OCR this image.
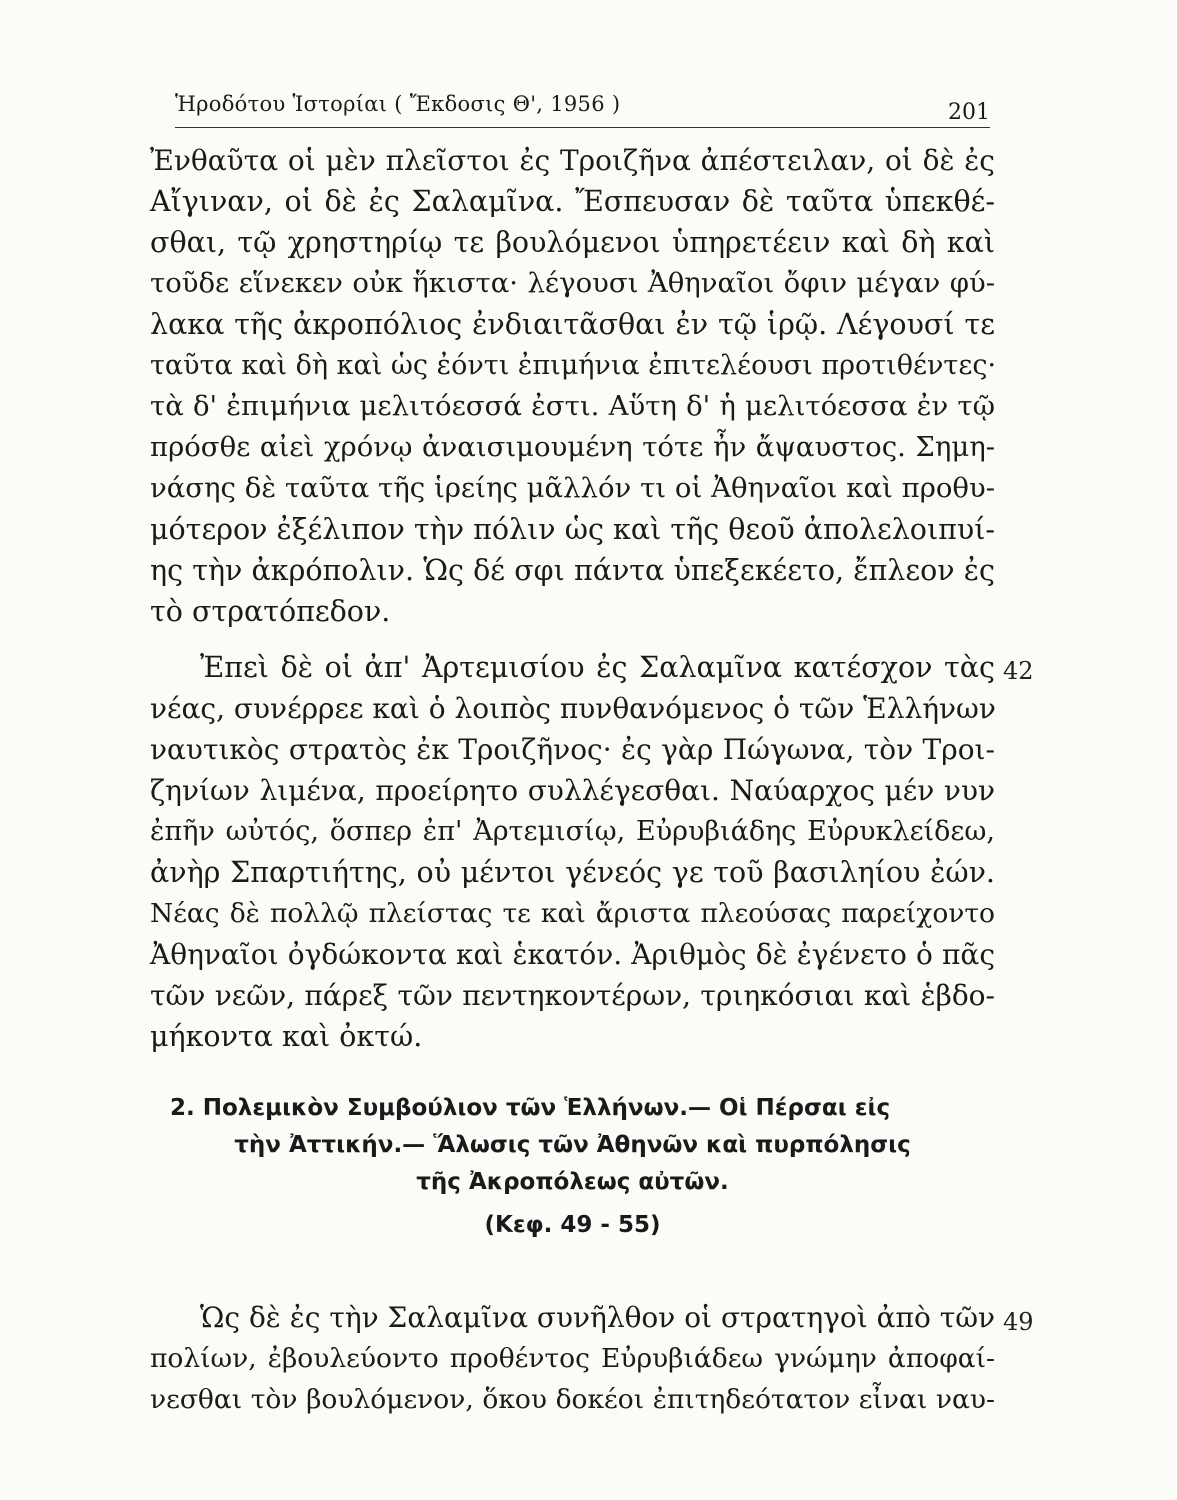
Ἡροδότου Ἱστορίαι ( Ἔκδοσις Θ', 1956 )	201
Ἐνθαῦτα οἱ μὲν πλεῖστοι ἐς Τροιζῆνα ἀπέστειλαν, οἱ δὲ ἐς
Αἴγιναν, οἱ δὲ ἐς Σαλαμῖνα. Ἔσπευσαν δὲ ταῦτα ὑπεκθέ-
σθαι, τῷ χρηστηρίῳ τε βουλόμενοι ὑπηρετέειν καὶ δὴ καὶ
τοῦδε εἵνεκεν οὐκ ἥκιστα· λέγουσι Ἀθηναῖοι ὄφιν μέγαν φύ-
λακα τῆς ἀκροπόλιος ἐνδιαιτᾶσθαι ἐν τῷ ἱρῷ. Λέγουσί τε
ταῦτα καὶ δὴ καὶ ὡς ἐόντι ἐπιμήνια ἐπιτελέουσι προτιθέντες·
τὰ δ' ἐπιμήνια μελιτόεσσά ἐστι. Αὕτη δ' ἡ μελιτόεσσα ἐν τῷ
πρόσθε αἰεὶ χρόνῳ ἀναισιμουμένη τότε ἦν ἄψαυστος. Σημη-
νάσης δὲ ταῦτα τῆς ἱρείης μᾶλλόν τι οἱ Ἀθηναῖοι καὶ προθυ-
μότερον ἐξέλιπον τὴν πόλιν ὡς καὶ τῆς θεοῦ ἀπολελοιπυί-
ης τὴν ἀκρόπολιν. Ὡς δέ σφι πάντα ὑπεξεκέετο, ἔπλεον ἐς
τὸ στρατόπεδον.
42
Ἐπεὶ δὲ οἱ ἀπ' Ἀρτεμισίου ἐς Σαλαμῖνα κατέσχον τὰς
νέας, συνέρρεε καὶ ὁ λοιπὸς πυνθανόμενος ὁ τῶν Ἑλλήνων
ναυτικὸς στρατὸς ἐκ Τροιζῆνος· ἐς γὰρ Πώγωνα, τὸν Τροι-
ζηνίων λιμένα, προείρητο συλλέγεσθαι. Ναύαρχος μέν νυν
ἐπῆν ωὐτός, ὅσπερ ἐπ' Ἀρτεμισίῳ, Εὐρυβιάδης Εὐρυκλείδεω,
ἀνὴρ Σπαρτιήτης, οὐ μέντοι γένεός γε τοῦ βασιληίου ἐών.
Νέας δὲ πολλῷ πλείστας τε καὶ ἄριστα πλεούσας παρείχοντο
Ἀθηναῖοι ὀγδώκοντα καὶ ἑκατόν. Ἀριθμὸς δὲ ἐγένετο ὁ πᾶς
τῶν νεῶν, πάρεξ τῶν πεντηκοντέρων, τριηκόσιαι καὶ ἑβδο-
μήκοντα καὶ ὀκτώ.
2. Πολεμικὸν Συμβούλιον τῶν Ἑλλήνων.— Οἱ Πέρσαι εἰς
τὴν Ἀττικήν.— Ἅλωσις τῶν Ἀθηνῶν καὶ πυρπόλησις
τῆς Ἀκροπόλεως αὐτῶν.
(Κεφ. 49 - 55)
49
Ὡς δὲ ἐς τὴν Σαλαμῖνα συνῆλθον οἱ στρατηγοὶ ἀπὸ τῶν
πολίων, ἐβουλεύοντο προθέντος Εὐρυβιάδεω γνώμην ἀποφαί-
νεσθαι τὸν βουλόμενον, ὅκου δοκέοι ἐπιτηδεότατον εἶναι ναυ-
